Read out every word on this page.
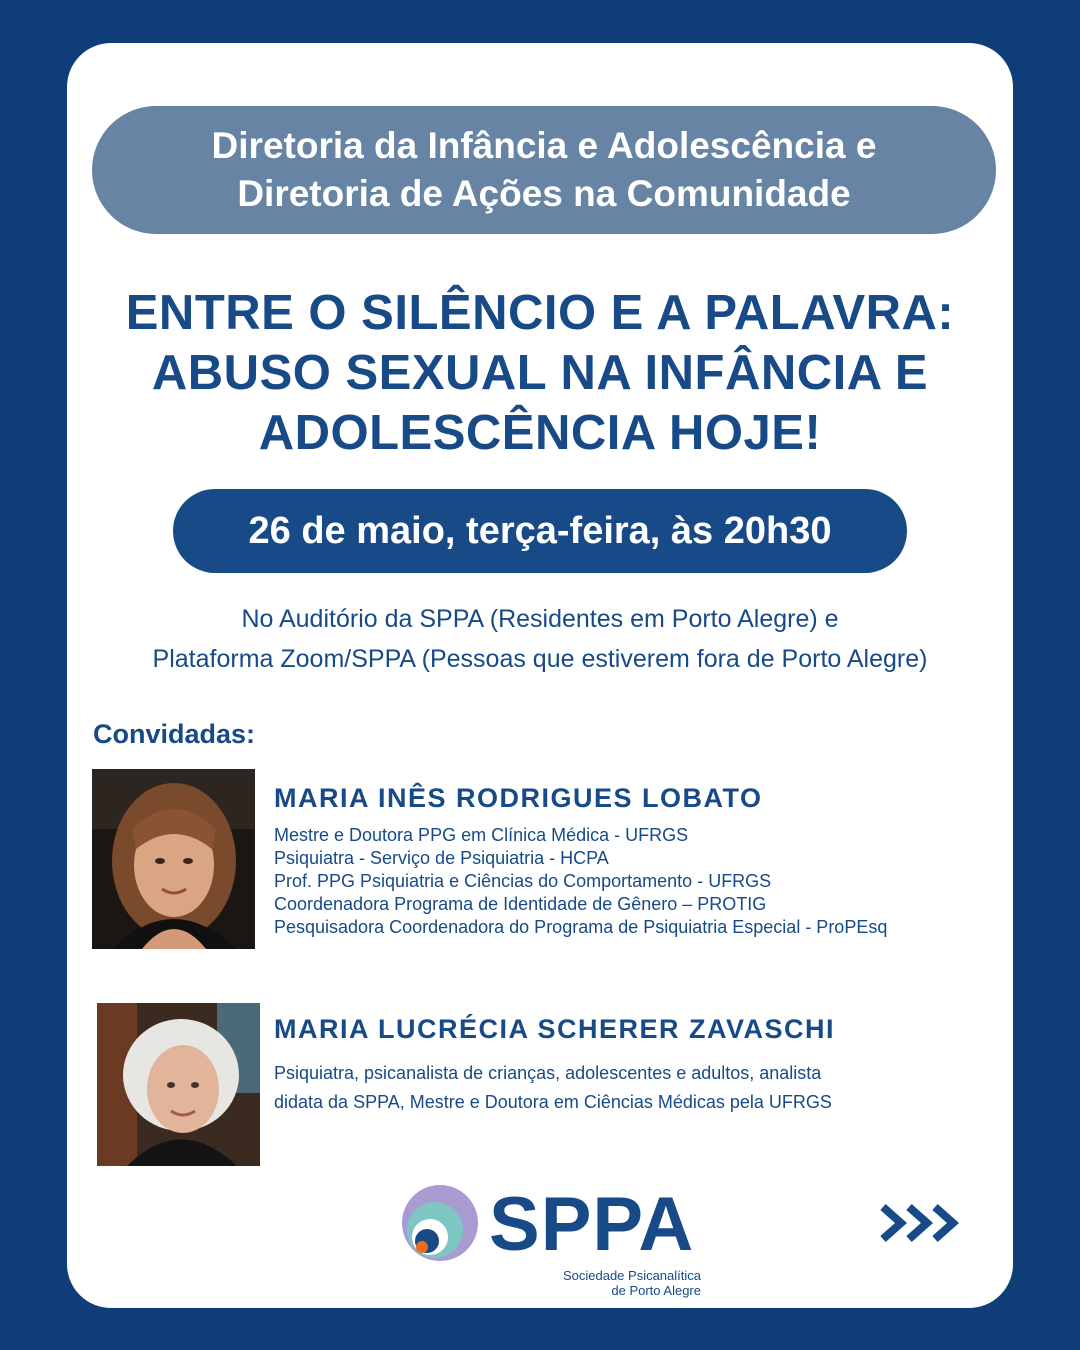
Diretoria da Infância e Adolescência e
Diretoria de Ações na Comunidade
ENTRE O SILÊNCIO E A PALAVRA:
ABUSO SEXUAL NA INFÂNCIA E
ADOLESCÊNCIA HOJE!
26 de maio, terça-feira, às 20h30
No Auditório da SPPA (Residentes em Porto Alegre) e
Plataforma Zoom/SPPA (Pessoas que estiverem fora de Porto Alegre)
Convidadas:
MARIA INÊS RODRIGUES LOBATO
Mestre e Doutora PPG em Clínica Médica - UFRGS
Psiquiatra - Serviço de Psiquiatria - HCPA
Prof. PPG Psiquiatria e Ciências do Comportamento - UFRGS
Coordenadora Programa de Identidade de Gênero – PROTIG
Pesquisadora Coordenadora do Programa de Psiquiatria Especial - ProPEsq
MARIA LUCRÉCIA SCHERER ZAVASCHI
Psiquiatra, psicanalista de crianças, adolescentes e adultos, analista
didata da SPPA, Mestre e Doutora em Ciências Médicas pela UFRGS
SPPA
Sociedade Psicanalítica
de Porto Alegre
